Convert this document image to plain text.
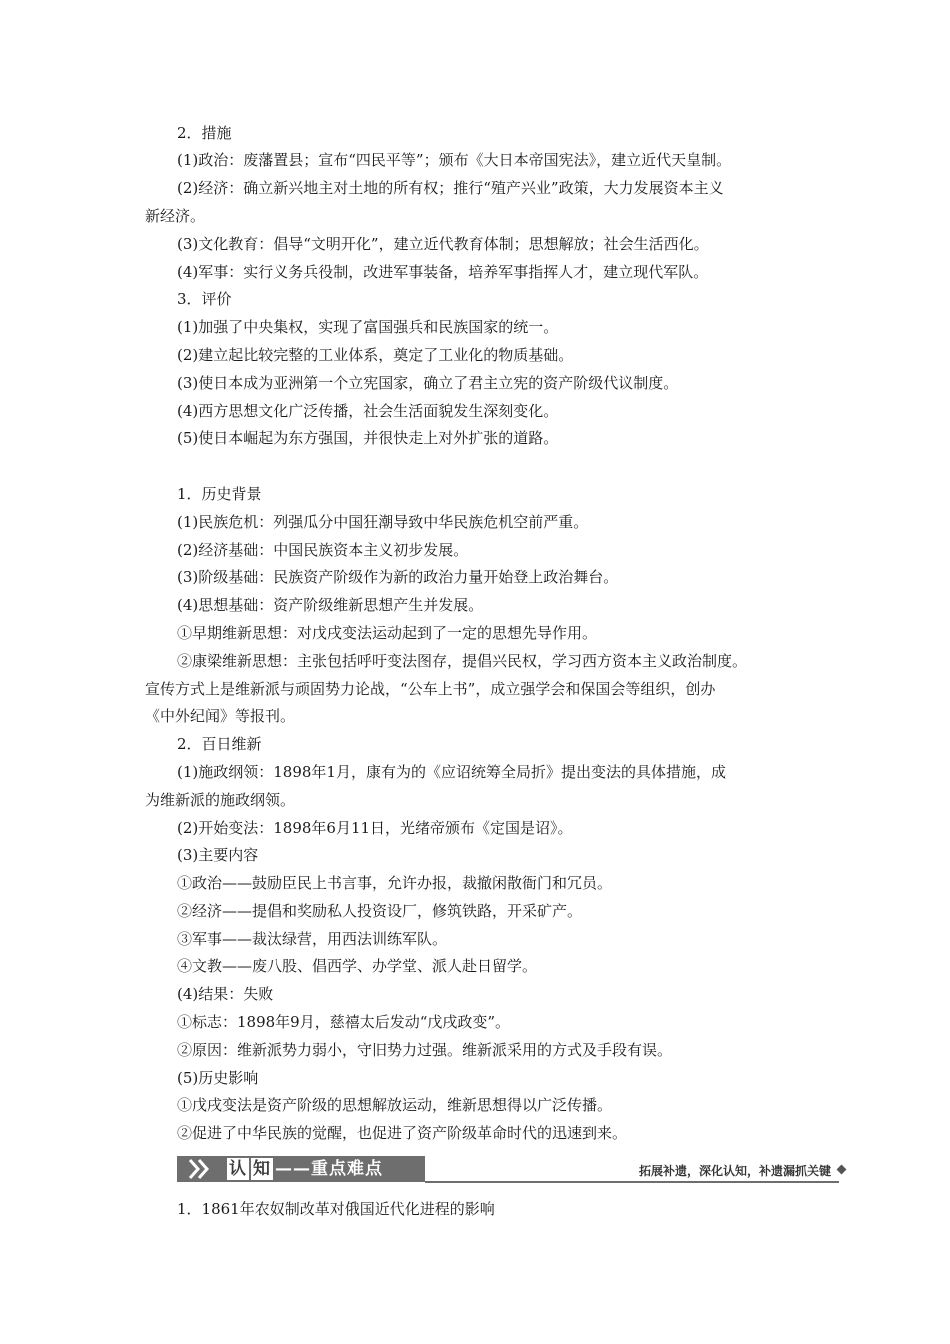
2．措施
(1)政治：废藩置县；宣布“四民平等”；颁布《大日本帝国宪法》，建立近代天皇制。
(2)经济：确立新兴地主对土地的所有权；推行“殖产兴业”政策，大力发展资本主义
新经济。
(3)文化教育：倡导“文明开化”，建立近代教育体制；思想解放；社会生活西化。
(4)军事：实行义务兵役制，改进军事装备，培养军事指挥人才，建立现代军队。
3．评价
(1)加强了中央集权，实现了富国强兵和民族国家的统一。
(2)建立起比较完整的工业体系，奠定了工业化的物质基础。
(3)使日本成为亚洲第一个立宪国家，确立了君主立宪的资产阶级代议制度。
(4)西方思想文化广泛传播，社会生活面貌发生深刻变化。
(5)使日本崛起为东方强国，并很快走上对外扩张的道路。
1．历史背景
(1)民族危机：列强瓜分中国狂潮导致中华民族危机空前严重。
(2)经济基础：中国民族资本主义初步发展。
(3)阶级基础：民族资产阶级作为新的政治力量开始登上政治舞台。
(4)思想基础：资产阶级维新思想产生并发展。
①早期维新思想：对戊戌变法运动起到了一定的思想先导作用。
②康梁维新思想：主张包括呼吁变法图存，提倡兴民权，学习西方资本主义政治制度。
宣传方式上是维新派与顽固势力论战，“公车上书”，成立强学会和保国会等组织，创办
《中外纪闻》等报刊。
2．百日维新
(1)施政纲领：1898年1月，康有为的《应诏统筹全局折》提出变法的具体措施，成
为维新派的施政纲领。
(2)开始变法：1898年6月11日，光绪帝颁布《定国是诏》。
(3)主要内容
①政治——鼓励臣民上书言事，允许办报，裁撤闲散衙门和冗员。
②经济——提倡和奖励私人投资设厂，修筑铁路，开采矿产。
③军事——裁汰绿营，用西法训练军队。
④文教——废八股、倡西学、办学堂、派人赴日留学。
(4)结果：失败
①标志：1898年9月，慈禧太后发动“戊戌政变”。
②原因：维新派势力弱小，守旧势力过强。维新派采用的方式及手段有误。
(5)历史影响
①戊戌变法是资产阶级的思想解放运动，维新思想得以广泛传播。
②促进了中华民族的觉醒，也促进了资产阶级革命时代的迅速到来。
认 知 ——重点难点	拓展补遗，深化认知，补遗漏抓关键
1．1861年农奴制改革对俄国近代化进程的影响
